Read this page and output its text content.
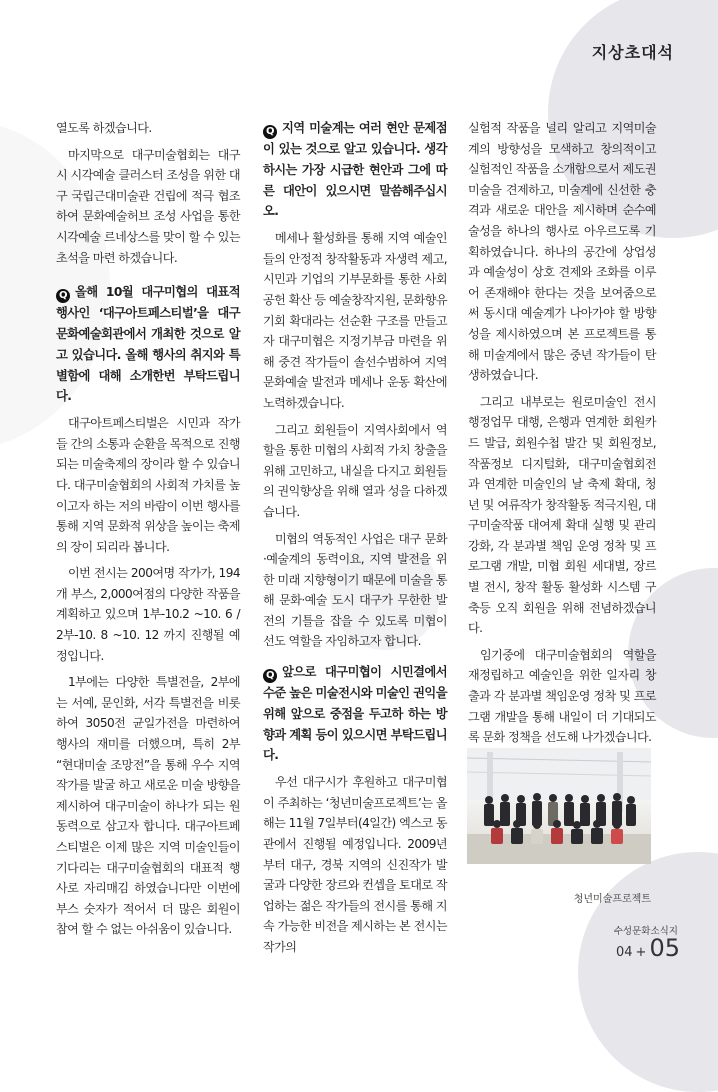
지상초대석

열도록 하겠습니다.

마지막으로 대구미술협회는 대구시 시각예술 클러스터 조성을 위한 대구 국립근대미술관 건립에 적극 협조하여 문화예술허브 조성 사업을 통한 시각예술 르네상스를 맞이 할 수 있는 초석을 마련 하겠습니다.

Q 올해 10월 대구미협의 대표적 행사인 ‘대구아트페스티벌’을 대구 문화예술회관에서 개최한 것으로 알고 있습니다. 올해 행사의 취지와 특별함에 대해 소개한번 부탁드립니다.

대구아트페스티벌은 시민과 작가들 간의 소통과 순환을 목적으로 진행되는 미술축제의 장이라 할 수 있습니다. 대구미술협회의 사회적 가치를 높이고자 하는 저의 바람이 이번 행사를 통해 지역 문화적 위상을 높이는 축제의 장이 되리라 봅니다.

이번 전시는 200여명 작가가, 194개 부스, 2,000여점의 다양한 작품을 계획하고 있으며 1부-10.2 ~10. 6 / 2부-10. 8 ~10. 12 까지 진행될 예정입니다.

1부에는 다양한 특별전을, 2부에는 서예, 문인화, 서각 특별전을 비롯하여 3050전 균일가전을 마련하여 행사의 재미를 더했으며, 특히 2부 “현대미술 조망전”을 통해 우수 지역작가를 발굴 하고 새로운 미술 방향을 제시하여 대구미술이 하나가 되는 원동력으로 삼고자 합니다. 대구아트페스티벌은 이제 많은 지역 미술인들이 기다리는 대구미술협회의 대표적 행사로 자리매김 하였습니다만 이번에 부스 숫자가 적어서 더 많은 회원이 참여 할 수 없는 아쉬움이 있습니다.

Q 지역 미술계는 여러 현안 문제점이 있는 것으로 알고 있습니다. 생각하시는 가장 시급한 현안과 그에 따른 대안이 있으시면 말씀해주십시오.

메세나 활성화를 통해 지역 예술인들의 안정적 창작활동과 자생력 제고, 시민과 기업의 기부문화를 통한 사회공헌 확산 등 예술창작지원, 문화향유 기회 확대라는 선순환 구조를 만들고자 대구미협은 지정기부금 마련을 위해 중견 작가들이 솔선수범하여 지역문화예술 발전과 메세나 운동 확산에 노력하겠습니다.

그리고 회원들이 지역사회에서 역할을 통한 미협의 사회적 가치 창출을 위해 고민하고, 내실을 다지고 회원들의 권익향상을 위해 열과 성을 다하겠습니다.

미협의 역동적인 사업은 대구 문화·예술계의 동력이요, 지역 발전을 위한 미래 지향형이기 때문에 미술을 통해 문화·예술 도시 대구가 무한한 발전의 기틀을 잡을 수 있도록 미협이 선도 역할을 자임하고자 합니다.

Q 앞으로 대구미협이 시민결에서 수준 높은 미술전시와 미술인 권익을 위해 앞으로 중점을 두고하 하는 방향과 계획 등이 있으시면 부탁드립니다.

우선 대구시가 후원하고 대구미협이 주최하는 ‘청년미술프로젝트’는 올해는 11월 7일부터(4일간) 엑스코 동관에서 진행될 예정입니다. 2009년부터 대구, 경북 지역의 신진작가 발굴과 다양한 장르와 컨셉을 토대로 작업하는 젊은 작가들의 전시를 통해 지속 가능한 비전을 제시하는 본 전시는 작가의

실험적 작품을 널리 알리고 지역미술계의 방향성을 모색하고 창의적이고 실험적인 작품을 소개함으로서 제도권 미술을 견제하고, 미술계에 신선한 충격과 새로운 대안을 제시하며 순수예술성을 하나의 행사로 아우르도록 기획하였습니다. 하나의 공간에 상업성과 예술성이 상호 견제와 조화를 이루어 존재해야 한다는 것을 보여줌으로써 동시대 예술계가 나아가야 할 방향성을 제시하였으며 본 프로젝트를 통해 미술계에서 많은 중년 작가들이 탄생하였습니다.

그리고 내부로는 원로미술인 전시 행정업무 대행, 은행과 연계한 회원카드 발급, 회원수첩 발간 및 회원정보, 작품정보 디지털화, 대구미술협회전 과 연계한 미술인의 날 축제 확대, 청년 및 여류작가 창작활동 적극지원, 대구미술작품 대여제 확대 실행 및 관리 강화, 각 분과별 책임 운영 정착 및 프로그램 개발, 미협 회원 세대별, 장르별 전시, 창작 활동 활성화 시스템 구축등 오직 회원을 위해 전념하겠습니다.

임기중에 대구미술협회의 역할을 재정립하고 예술인을 위한 일자리 창출과 각 분과별 책임운영 정착 및 프로그램 개발을 통해 내일이 더 기대되도록 문화 정책을 선도해 나가겠습니다.

청년미술프로젝트
수성문화소식지
04 + 05
